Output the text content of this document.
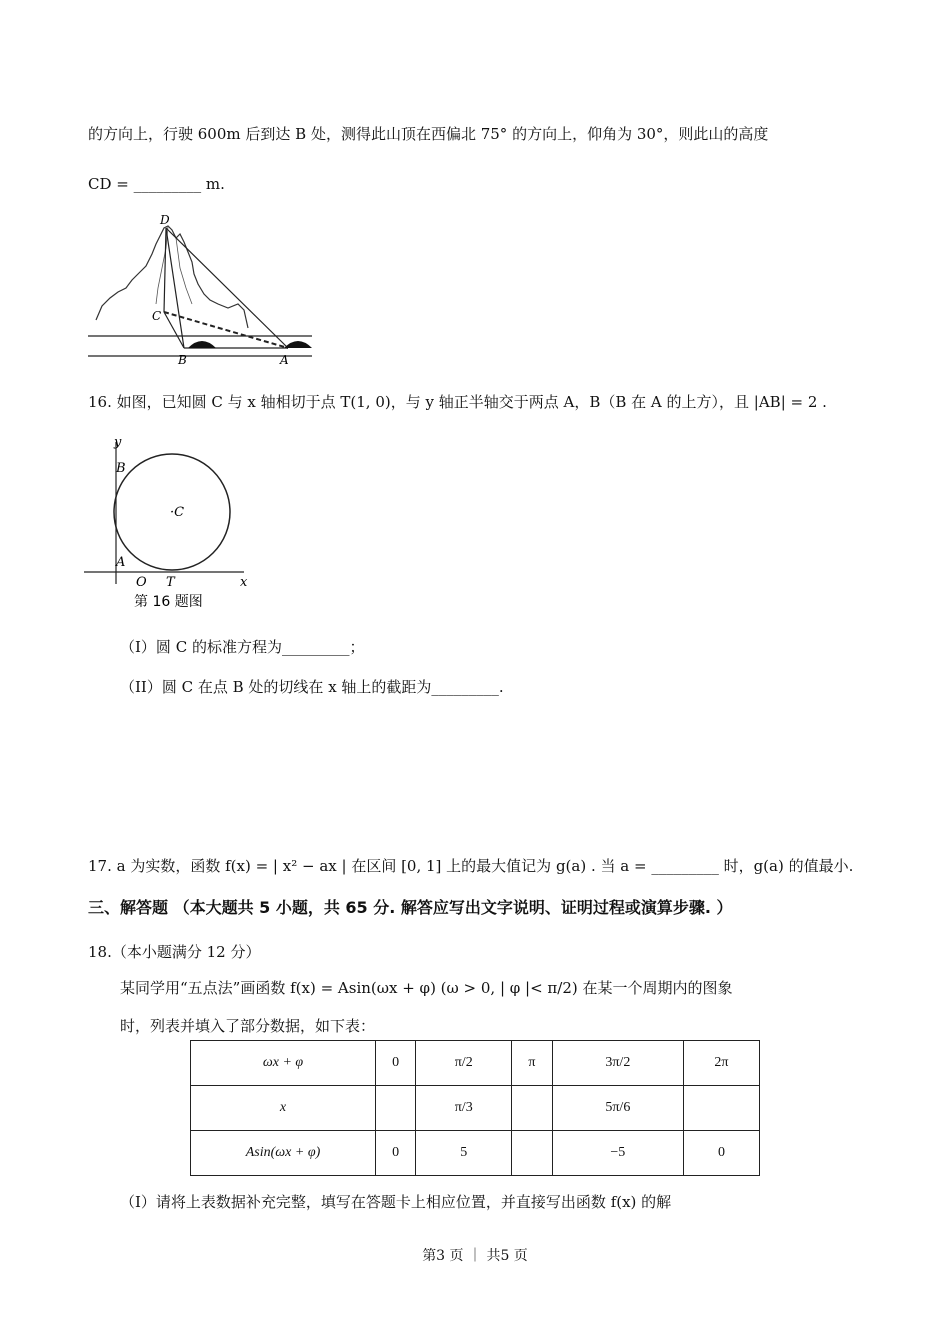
的方向上，行驶 600m 后到达 B 处，测得此山顶在西偏北 75° 的方向上，仰角为 30°，则此山的高度
CD = _________ m.
D
C
B	A
16. 如图，已知圆 C 与 x 轴相切于点 T(1, 0)，与 y 轴正半轴交于两点 A，B（B 在 A 的上方），且 |AB| = 2 .
y
B
·C
A
O T	x
第 16 题图
（I）圆 C 的标准方程为_________；
（II）圆 C 在点 B 处的切线在 x 轴上的截距为_________.
17. a 为实数，函数 f(x) = | x² − ax | 在区间 [0, 1] 上的最大值记为 g(a) . 当 a = _________ 时，g(a) 的值最小.
三、解答题 （本大题共 5 小题，共 65 分. 解答应写出文字说明、证明过程或演算步骤. ）
18.（本小题满分 12 分）
某同学用“五点法”画函数 f(x) = Asin(ωx + φ) (ω > 0, | φ |< π/2) 在某一个周期内的图象
时，列表并填入了部分数据，如下表：
ωx + φ	0	π/2	π	3π/2	2π
x		π/3		5π/6	
Asin(ωx + φ)	0	5		−5	0
（Ⅰ）请将上表数据补充完整，填写在答题卡上相应位置，并直接写出函数 f(x) 的解
第3 页 ｜ 共5 页
